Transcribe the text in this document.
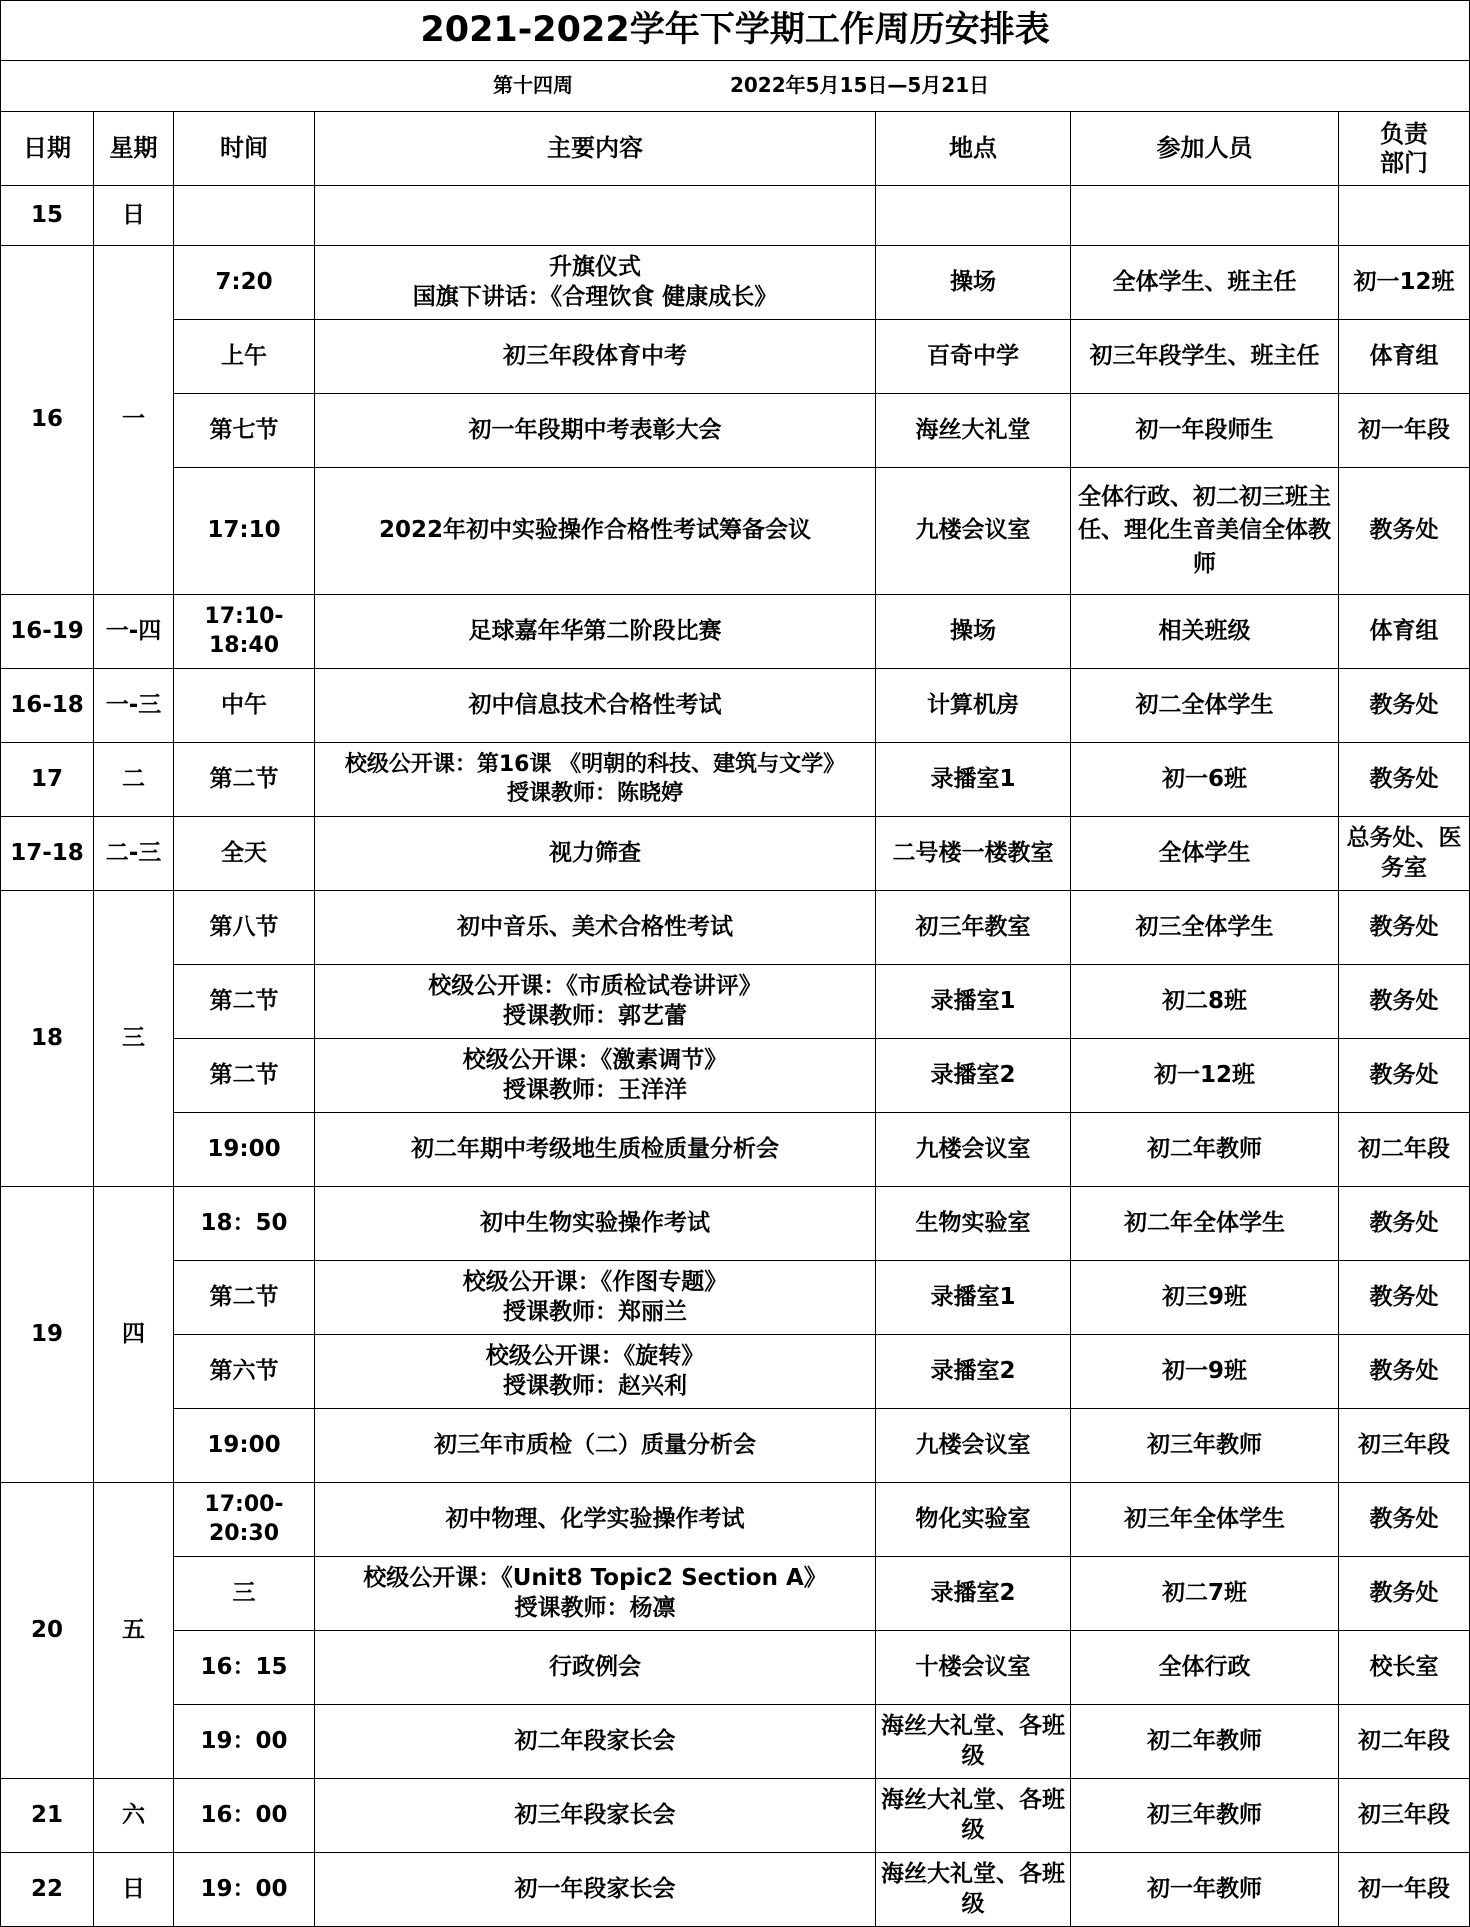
2021-2022学年下学期工作周历安排表						
第十四周 2022年5月15日—5月21日						
日期	星期	时间	主要内容	地点	参加人员	负责
部门

15	日		

16	一	7:20	升旗仪式
国旗下讲话：《合理饮食 健康成长》	操场	全体学生、班主任	初一12班

		上午	初三年段体育中考	百奇中学	初三年段学生、班主任	体育组

		第七节	初一年段期中考表彰大会	海丝大礼堂	初一年段师生	初一年段

		17:10	2022年初中实验操作合格性考试筹备会议	九楼会议室	全体行政、初二初三班主
任、理化生音美信全体教
师	教务处

16-19	一-四	17:10-18:40	足球嘉年华第二阶段比赛	操场	相关班级	体育组

16-18	一-三	中午	初中信息技术合格性考试	计算机房	初二全体学生	教务处

17	二	第二节	校级公开课：第16课 《明朝的科技、建筑与文学》
授课教师：陈晓婷	录播室1	初一6班	教务处

17-18	二-三	全天	视力筛查	二号楼一楼教室	全体学生	总务处、医
务室

18	三	第八节	初中音乐、美术合格性考试	初三年教室	初三全体学生	教务处

		第二节	校级公开课：《市质检试卷讲评》
授课教师：郭艺蕾	录播室1	初二8班	教务处

		第二节	校级公开课：《激素调节》
授课教师：王洋洋	录播室2	初一12班	教务处

		19:00	初二年期中考级地生质检质量分析会	九楼会议室	初二年教师	初二年段

19	四	18：50	初中生物实验操作考试	生物实验室	初二年全体学生	教务处

		第二节	校级公开课：《作图专题》
授课教师：郑丽兰	录播室1	初三9班	教务处

		第六节	校级公开课：《旋转》
授课教师：赵兴利	录播室2	初一9班	教务处

		19:00	初三年市质检（二）质量分析会	九楼会议室	初三年教师	初三年段

20	五	17:00-20:30	初中物理、化学实验操作考试	物化实验室	初三年全体学生	教务处

		三	校级公开课：《Unit8 Topic2 Section A》
授课教师：杨凛	录播室2	初二7班	教务处

		16：15	行政例会	十楼会议室	全体行政	校长室

		19：00	初二年段家长会	海丝大礼堂、各班
级	初二年教师	初二年段

21	六	16：00	初三年段家长会	海丝大礼堂、各班
级	初三年教师	初三年段

22	日	19：00	初一年段家长会	海丝大礼堂、各班
级	初一年教师	初一年段
